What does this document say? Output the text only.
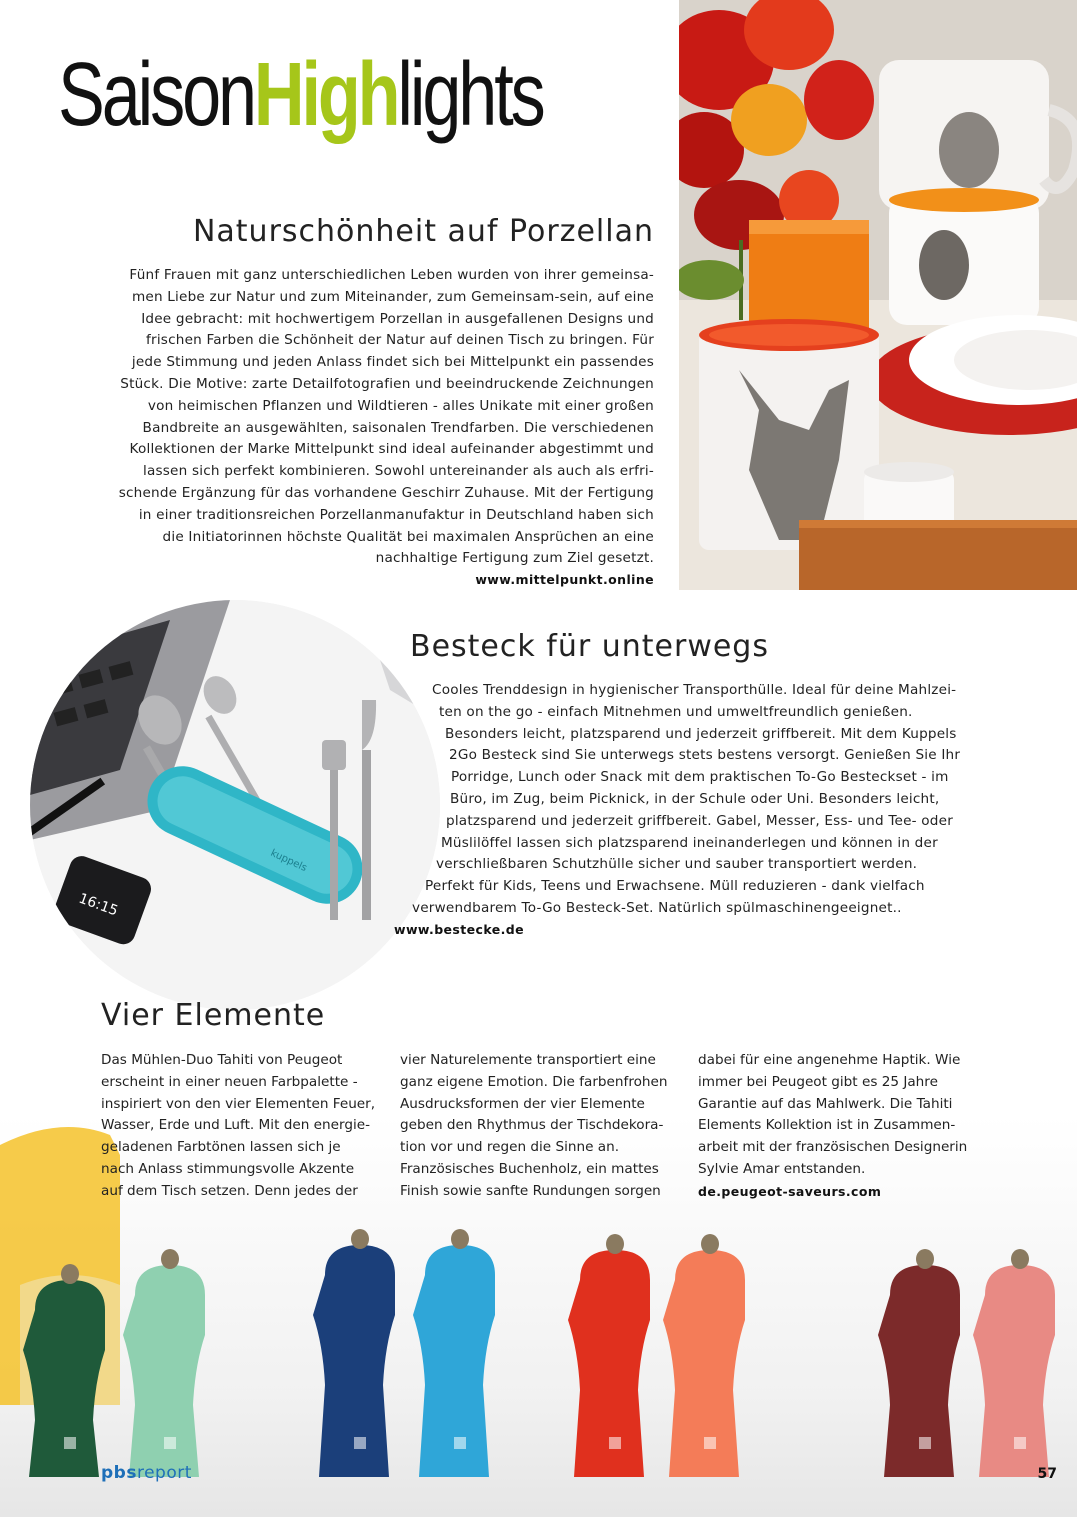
SaisonHighlights
Naturschönheit auf Porzellan
Fünf Frauen mit ganz unterschiedlichen Leben wurden von ihrer gemeinsa-
men Liebe zur Natur und zum Miteinander, zum Gemeinsam-sein, auf eine
Idee gebracht: mit hochwertigem Porzellan in ausgefallenen Designs und
frischen Farben die Schönheit der Natur auf deinen Tisch zu bringen. Für
jede Stimmung und jeden Anlass findet sich bei Mittelpunkt ein passendes
Stück. Die Motive: zarte Detailfotografien und beeindruckende Zeichnungen
von heimischen Pflanzen und Wildtieren - alles Unikate mit einer großen
Bandbreite an ausgewählten, saisonalen Trendfarben. Die verschiedenen
Kollektionen der Marke Mittelpunkt sind ideal aufeinander abgestimmt und
lassen sich perfekt kombinieren. Sowohl untereinander als auch als erfri-
schende Ergänzung für das vorhandene Geschirr Zuhause. Mit der Fertigung
in einer traditionsreichen Porzellanmanufaktur in Deutschland haben sich
die Initiatorinnen höchste Qualität bei maximalen Ansprüchen an eine
nachhaltige Fertigung zum Ziel gesetzt.
www.mittelpunkt.online
kuppels
16:15
Besteck für unterwegs
Cooles Trenddesign in hygienischer Transporthülle. Ideal für deine Mahlzei-
ten on the go - einfach Mitnehmen und umweltfreundlich genießen.
Besonders leicht, platzsparend und jederzeit griffbereit. Mit dem Kuppels
2Go Besteck sind Sie unterwegs stets bestens versorgt. Genießen Sie Ihr
Porridge, Lunch oder Snack mit dem praktischen To-Go Besteckset - im
Büro, im Zug, beim Picknick, in der Schule oder Uni. Besonders leicht,
platzsparend und jederzeit griffbereit. Gabel, Messer, Ess- und Tee- oder
Müslilöffel lassen sich platzsparend ineinanderlegen und können in der
verschließbaren Schutzhülle sicher und sauber transportiert werden.
Perfekt für Kids, Teens und Erwachsene. Müll reduzieren - dank vielfach
verwendbarem To-Go Besteck-Set. Natürlich spülmaschinengeeignet..
www.bestecke.de
Vier Elemente
Das Mühlen-Duo Tahiti von Peugeot
erscheint in einer neuen Farbpalette -
inspiriert von den vier Elementen Feuer,
Wasser, Erde und Luft. Mit den energie-
geladenen Farbtönen lassen sich je
nach Anlass stimmungsvolle Akzente
auf dem Tisch setzen. Denn jedes der
vier Naturelemente transportiert eine
ganz eigene Emotion. Die farbenfrohen
Ausdrucksformen der vier Elemente
geben den Rhythmus der Tischdekora-
tion vor und regen die Sinne an.
Französisches Buchenholz, ein mattes
Finish sowie sanfte Rundungen sorgen
dabei für eine angenehme Haptik. Wie
immer bei Peugeot gibt es 25 Jahre
Garantie auf das Mahlwerk. Die Tahiti
Elements Kollektion ist in Zusammen-
arbeit mit der französischen Designerin
Sylvie Amar entstanden.
de.peugeot-saveurs.com
pbsreport	57
